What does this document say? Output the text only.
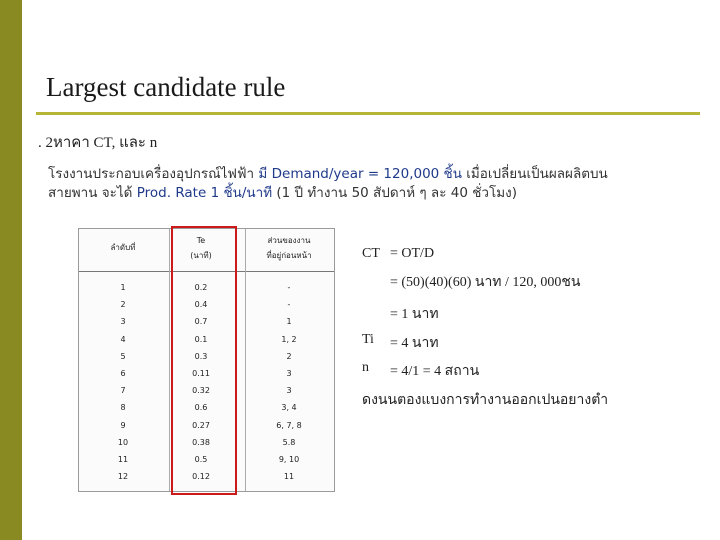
Largest candidate rule
. 2หาคา CT, และ n
โรงงานประกอบเครื่องอุปกรณ์ไฟฟ้า มี Demand/year = 120,000 ชิ้น เมื่อเปลี่ยนเป็นผลผลิตบน
สายพาน จะได้ Prod. Rate 1 ชิ้น/นาที (1 ปี ทำงาน 50 สัปดาห์ ๆ ละ 40 ชั่วโมง)
ลำดับที่
Te
(นาที)
ส่วนของงาน
ที่อยู่ก่อนหน้า
1	0.2	-
2	0.4	-
3	0.7	1
4	0.1	1, 2
5	0.3	2
6	0.11	3
7	0.32	3
8	0.6	3, 4
9	0.27	6, 7, 8
10	0.38	5.8
11	0.5	9, 10
12	0.12	11
CT = OT/D
= (50)(40)(60) นาท / 120, 000ชน
= 1 นาท
Ti = 4 นาท
n = 4/1 = 4 สถาน
ดงนนตองแบงการทำงานออกเปนอยางตำ
